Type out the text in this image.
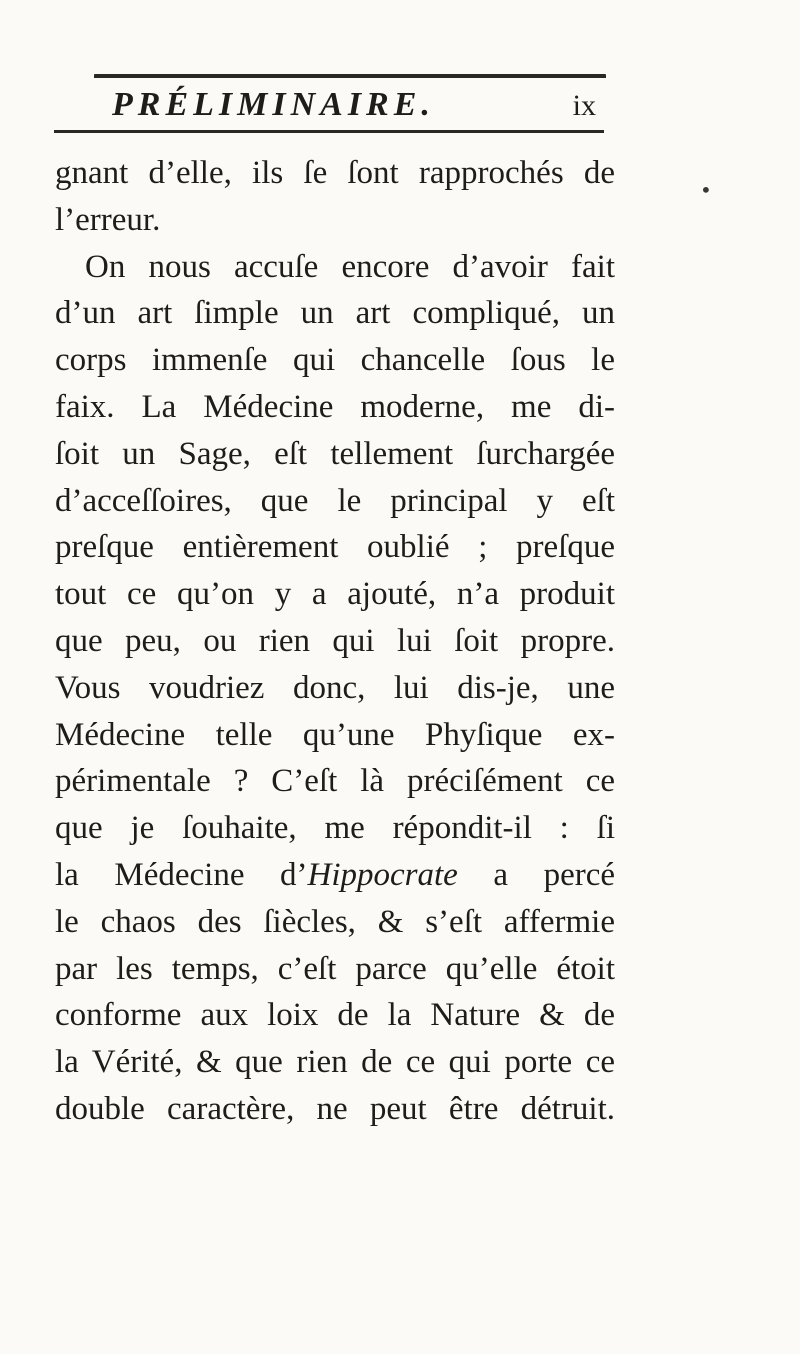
•
PRÉLIMINAIRE.	ix
gnant d’elle, ils ſe ſont rapprochés de
l’erreur.
On nous accuſe encore d’avoir fait
d’un art ſimple un art compliqué, un
corps immenſe qui chancelle ſous le
faix. La Médecine moderne, me di-
ſoit un Sage, eſt tellement ſurchargée
d’acceſſoires, que le principal y eſt
preſque entièrement oublié ; preſque
tout ce qu’on y a ajouté, n’a produit
que peu, ou rien qui lui ſoit propre.
Vous voudriez donc, lui dis-je, une
Médecine telle qu’une Phyſique ex-
périmentale ? C’eſt là préciſément ce
que je ſouhaite, me répondit-il : ſi
la Médecine d’Hippocrate a percé
le chaos des ſiècles, & s’eſt affermie
par les temps, c’eſt parce qu’elle étoit
conforme aux loix de la Nature & de
la Vérité, & que rien de ce qui porte ce
double caractère, ne peut être détruit.
